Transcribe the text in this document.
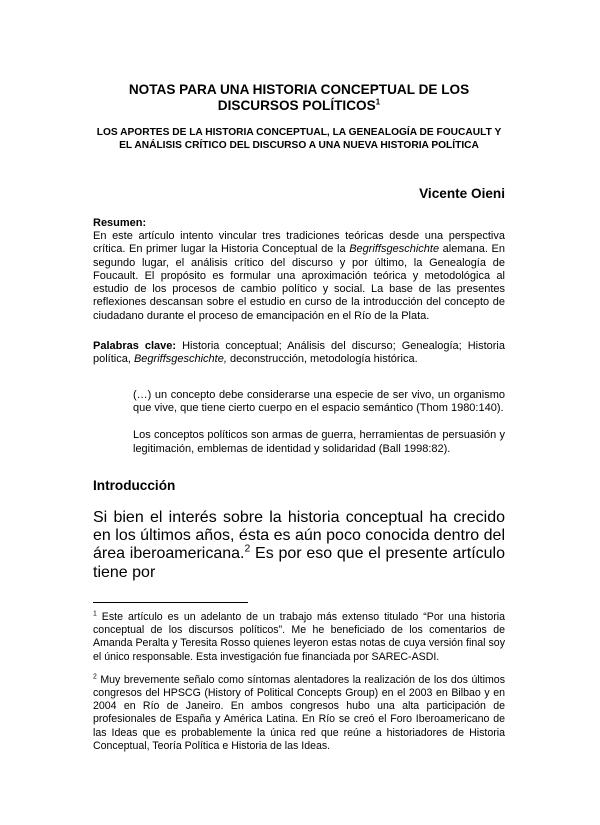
NOTAS PARA UNA HISTORIA CONCEPTUAL DE LOS
DISCURSOS POLÍTICOS$^1$
LOS APORTES DE LA HISTORIA CONCEPTUAL, LA GENEALOGÍA DE FOUCAULT Y EL ANÁLISIS CRÍTICO DEL DISCURSO A UNA NUEVA HISTORIA POLÍTICA

Vicente Oieni

Resumen:

En este artículo intento vincular tres tradiciones teóricas desde una perspectiva crítica. En primer lugar la Historia Conceptual de la Begriffsgeschichte alemana. En segundo lugar, el análisis crítico del discurso y por último, la Genealogía de Foucault. El propósito es formular una aproximación teórica y metodológica al estudio de los procesos de cambio político y social. La base de las presentes reflexiones descansan sobre el estudio en curso de la introducción del concepto de ciudadano durante el proceso de emancipación en el Río de la Plata.

Palabras clave: Historia conceptual; Análisis del discurso; Genealogía; Historia política, Begriffsgeschichte, deconstrucción, metodología histórica.

(…) un concepto debe considerarse una especie de ser vivo, un organismo que vive, que tiene cierto cuerpo en el espacio semántico (Thom 1980:140).

Los conceptos políticos son armas de guerra, herramientas de persuasión y legitimación, emblemas de identidad y solidaridad (Ball 1998:82).

Introducción

Si bien el interés sobre la historia conceptual ha crecido en los últimos años, ésta es aún poco conocida dentro del área iberoamericana.$^2$ Es por eso que el presente artículo tiene por

$^1$ Este artículo es un adelanto de un trabajo más extenso titulado “Por una historia conceptual de los discursos políticos”. Me he beneficiado de los comentarios de Amanda Peralta y Teresita Rosso quienes leyeron estas notas de cuya versión final soy el único responsable. Esta investigación fue financiada por SAREC-ASDI.

$^2$ Muy brevemente señalo como síntomas alentadores la realización de los dos últimos congresos del HPSCG (History of Political Concepts Group) en el 2003 en Bilbao y en 2004 en Río de Janeiro. En ambos congresos hubo una alta participación de profesionales de España y América Latina. En Río se creó el Foro Iberoamericano de las Ideas que es probablemente la única red que reúne a historiadores de Historia Conceptual, Teoría Política e Historia de las Ideas.
